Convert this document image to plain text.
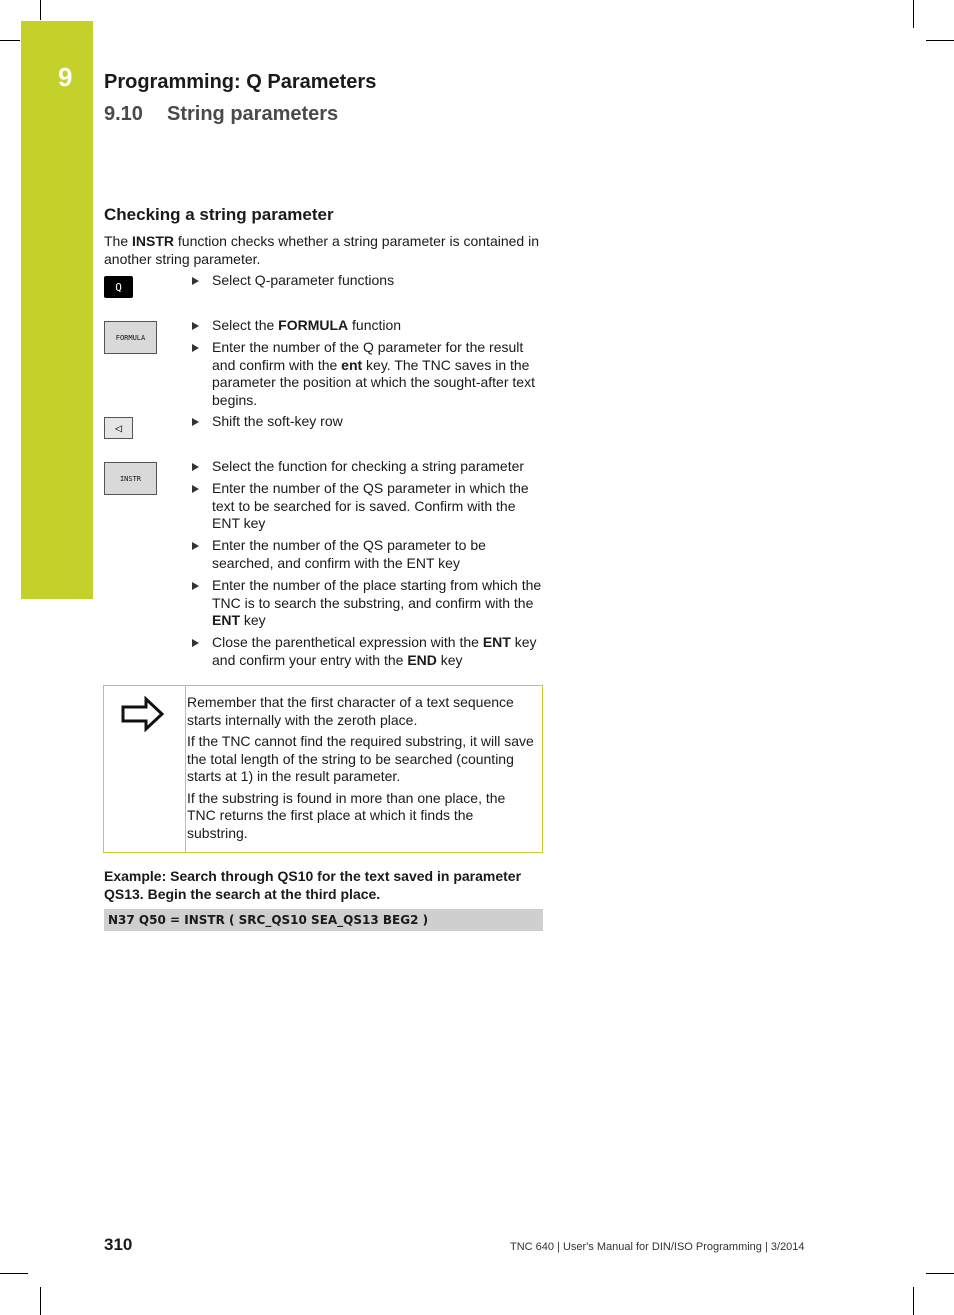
9 Programming: Q Parameters
9.10 String parameters
Checking a string parameter
The INSTR function checks whether a string parameter is contained in another string parameter.
Q
FORMULA
◁
INSTR
Select Q-parameter functions
Select the FORMULA function
Enter the number of the Q parameter for the result and confirm with the ent key. The TNC saves in the parameter the position at which the sought-after text begins.
Shift the soft-key row
Select the function for checking a string parameter
Enter the number of the QS parameter in which the text to be searched for is saved. Confirm with the ENT key
Enter the number of the QS parameter to be searched, and confirm with the ENT key
Enter the number of the place starting from which the TNC is to search the substring, and confirm with the ENT key
Close the parenthetical expression with the ENT key and confirm your entry with the END key

Remember that the first character of a text sequence starts internally with the zeroth place.

If the TNC cannot find the required substring, it will save the total length of the string to be searched (counting starts at 1) in the result parameter.

If the substring is found in more than one place, the TNC returns the first place at which it finds the substring.

Example: Search through QS10 for the text saved in parameter QS13. Begin the search at the third place.
N37 Q50 = INSTR ( SRC_QS10 SEA_QS13 BEG2 )
310	TNC 640 | User's Manual for DIN/ISO Programming | 3/2014
